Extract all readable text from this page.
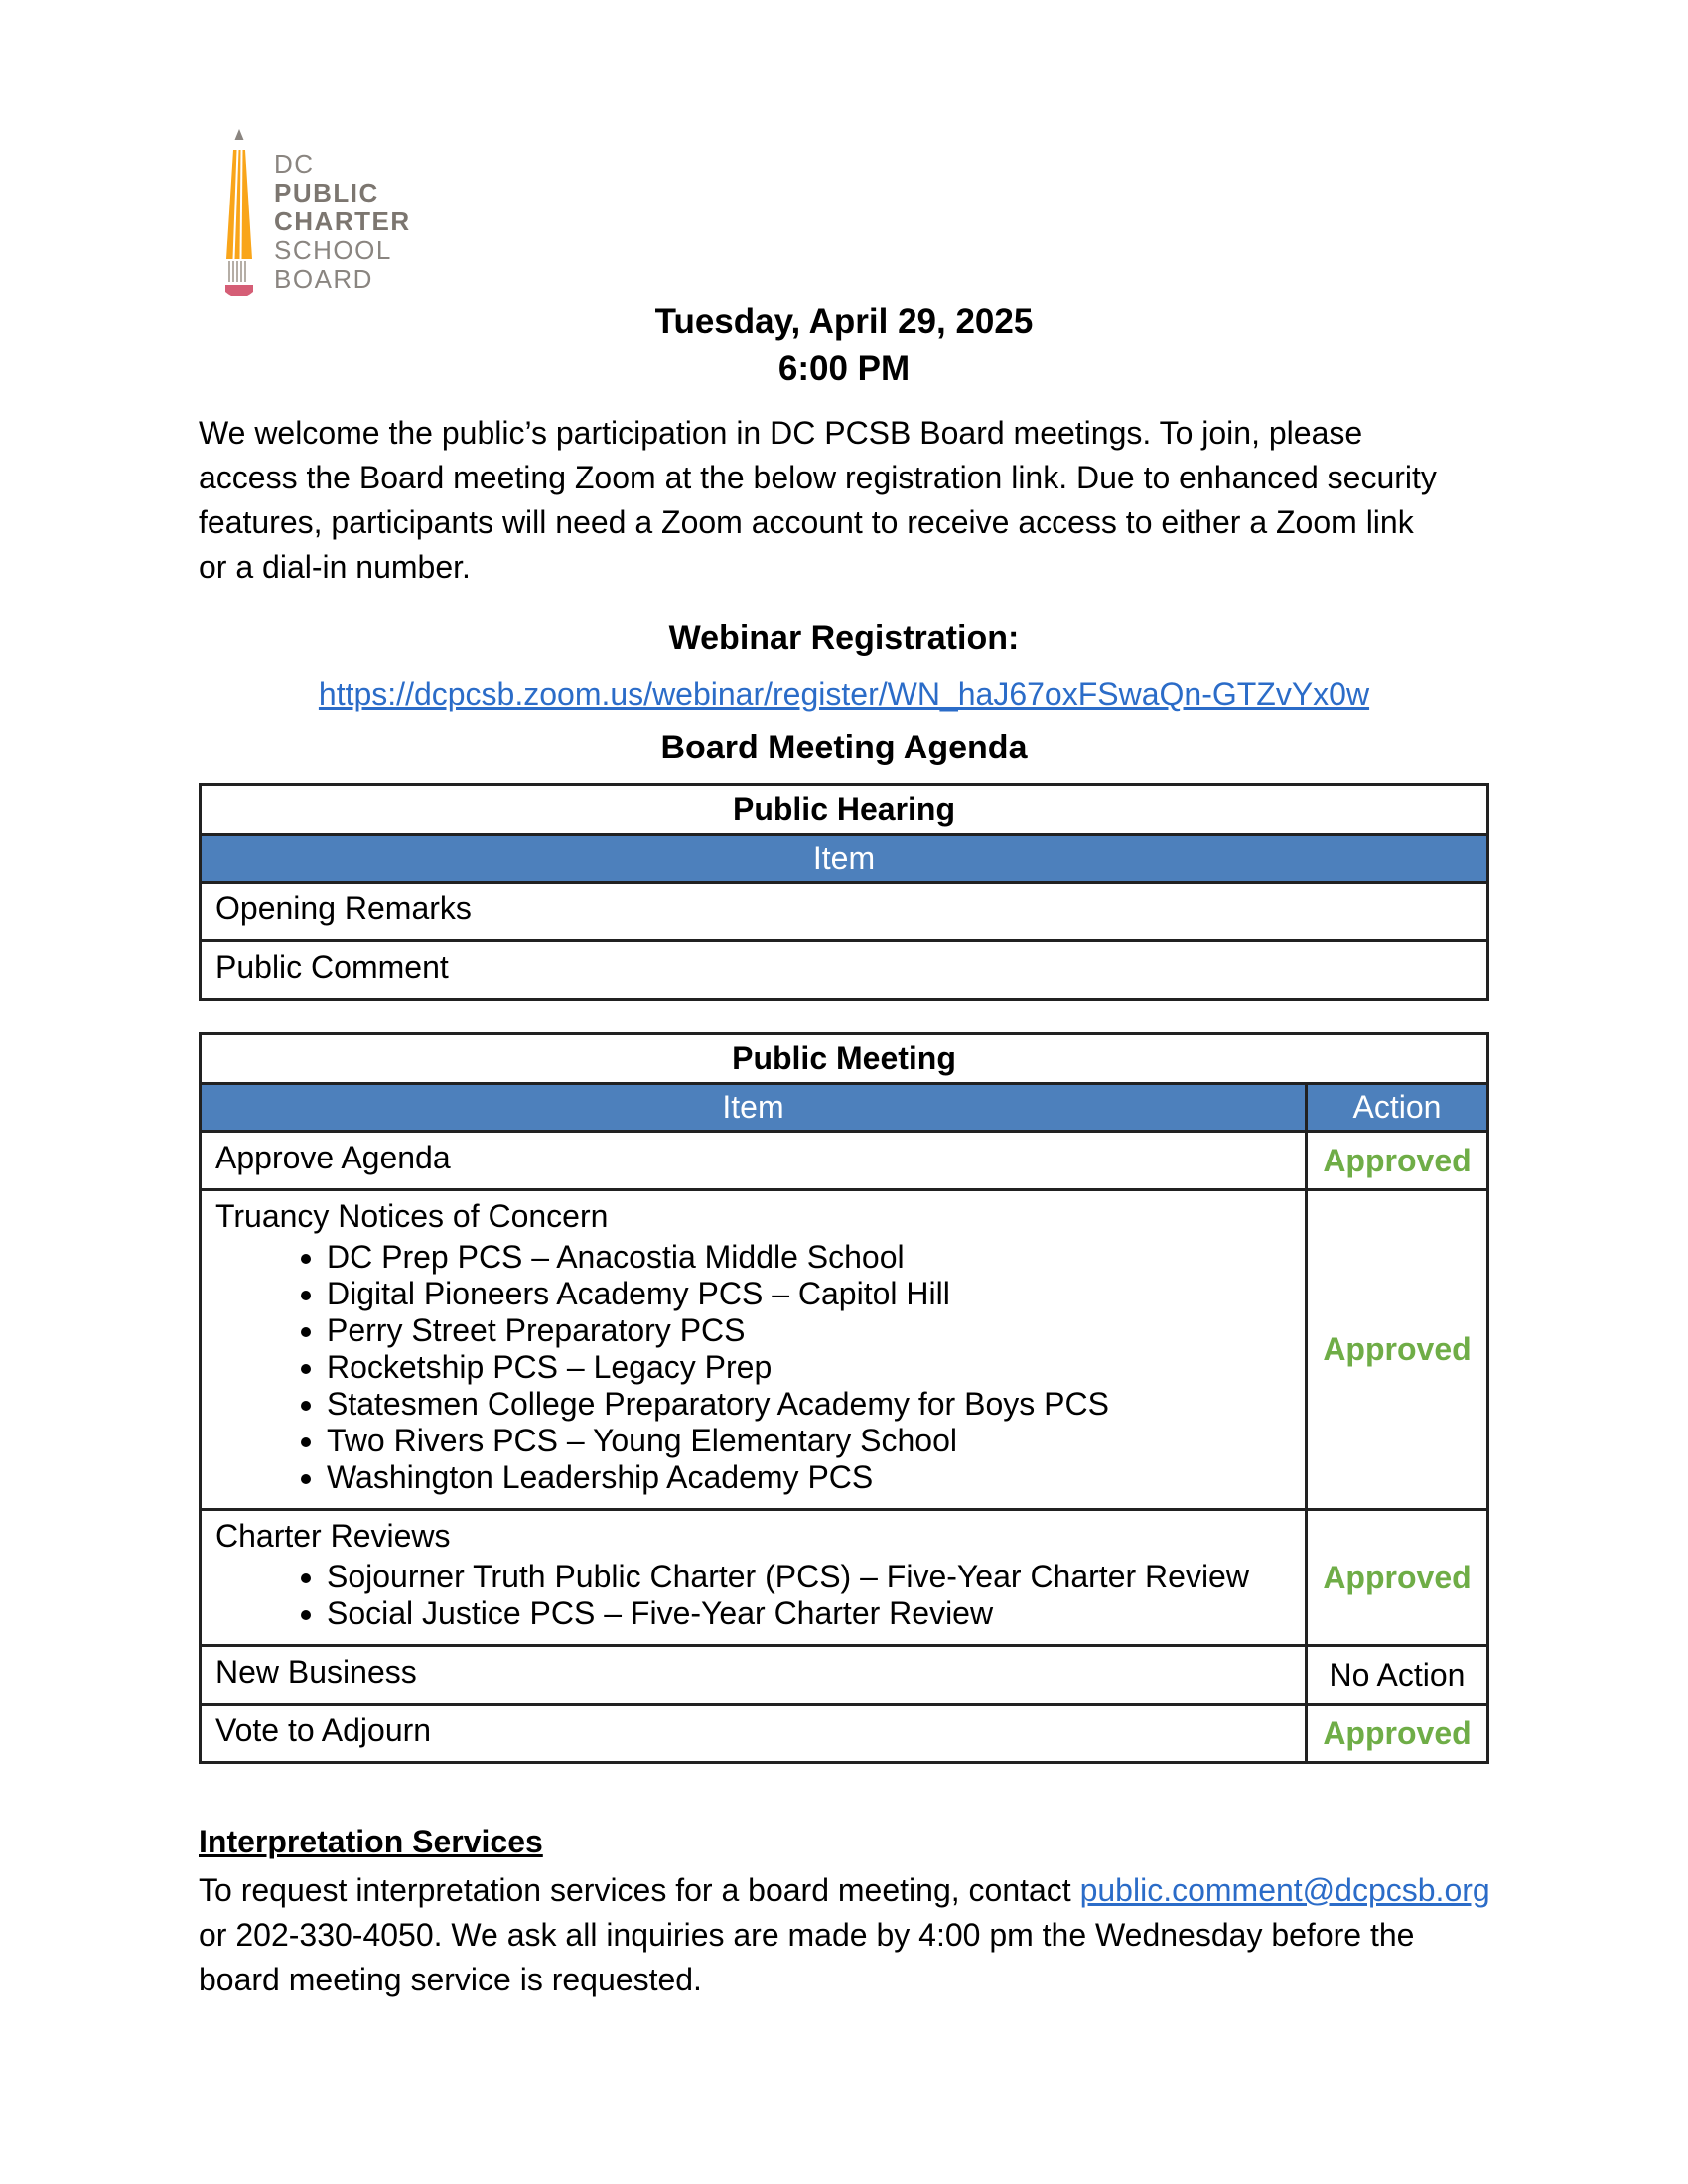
DC
PUBLIC
CHARTER
SCHOOL
BOARD
Tuesday, April 29, 2025
6:00 PM

We welcome the public’s participation in DC PCSB Board meetings. To join, please access the Board meeting Zoom at the below registration link. Due to enhanced security features, participants will need a Zoom account to receive access to either a Zoom link or a dial-in number.

Webinar Registration:
https://dcpcsb.zoom.us/webinar/register/WN_haJ67oxFSwaQn-GTZvYx0w
Board Meeting Agenda
Public Hearing
Item
Opening Remarks
Public Comment
Public Meeting	
Item	Action
Approve Agenda	Approved

Truancy Notices of Concern
• DC Prep PCS – Anacostia Middle School
• Digital Pioneers Academy PCS – Capitol Hill
• Perry Street Preparatory PCS
• Rocketship PCS – Legacy Prep
• Statesmen College Preparatory Academy for Boys PCS
• Two Rivers PCS – Young Elementary School
• Washington Leadership Academy PCS
	Approved

Charter Reviews
• Sojourner Truth Public Charter (PCS) – Five-Year Charter Review
• Social Justice PCS – Five-Year Charter Review
	Approved
New Business	No Action
Vote to Adjourn	Approved
Interpretation Services

To request interpretation services for a board meeting, contact public.comment@dcpcsb.org or 202-330-4050. We ask all inquiries are made by 4:00 pm the Wednesday before the board meeting service is requested.
